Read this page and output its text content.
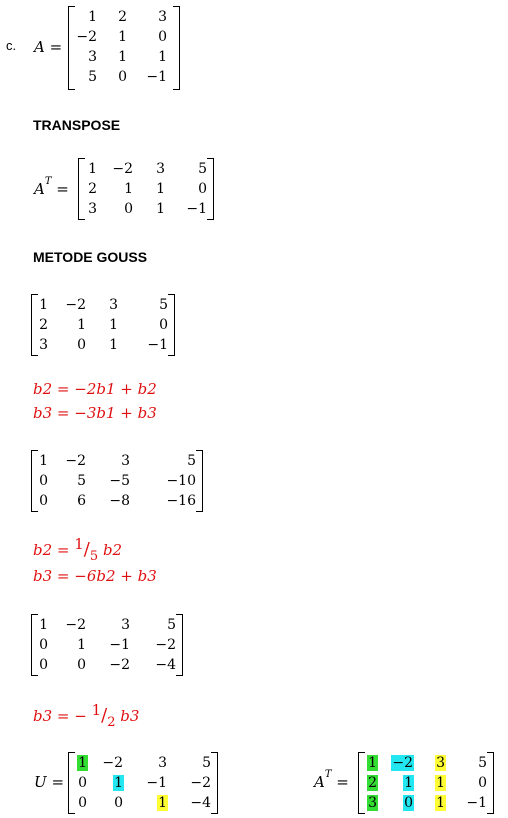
c. A =
1 2 3
−2 1 0
3 1 1
5 0 −1
TRANSPOSE
$A^T$ =
1 −2 3 5
2 1 1 0
3 0 1 −1
METODE GOUSS
1 −2 3	5
2 1 1	0
3 0 1 −1
b2 = −2b1 + b2
b3 = −3b1 + b3
1 −2	3	5
0 5 −5	−10
0 6 −8	−16
b2 = 1/5 b2
b3 = −6b2 + b3
1 −2	3	5
0 1 −1 −2
0 0 −2 −4
b3 = − 1/2 b3
U =
1 −2	3	5
0 1 −1 −2
0 0	1 −4
$A^T$ =
1 −2 3 5
2 1 1 0
3 0 1 −1
